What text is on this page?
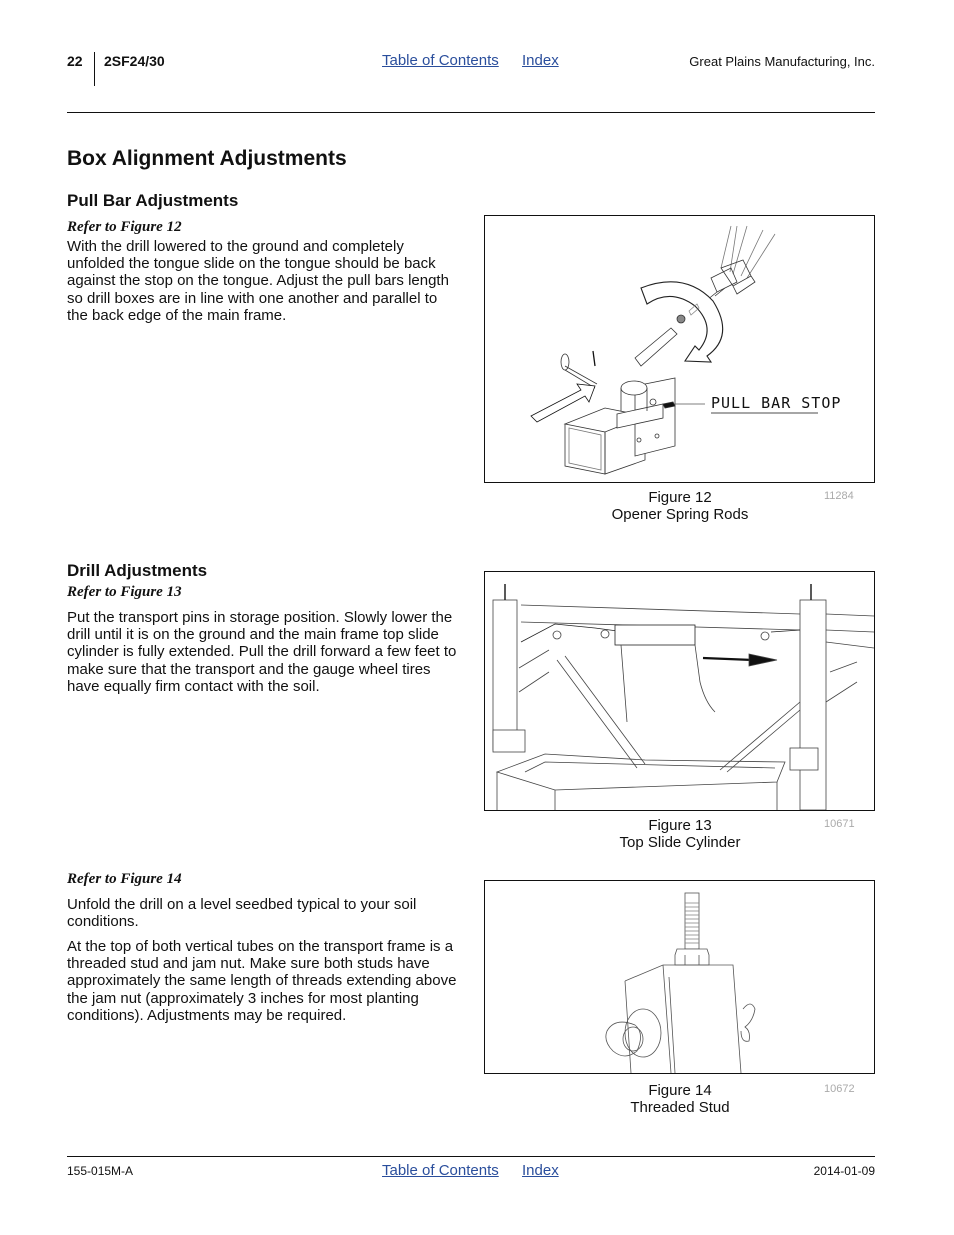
22 2SF24/30	Table of Contents Index	Great Plains Manufacturing, Inc.
Box Alignment Adjustments
Pull Bar Adjustments
Refer to Figure 12
With the drill lowered to the ground and completely unfolded the tongue slide on the tongue should be back against the stop on the tongue. Adjust the pull bars length so drill boxes are in line with one another and parallel to the back edge of the main frame.
PULL BAR STOP
Figure 12
Opener Spring Rods
11284
Drill Adjustments
Refer to Figure 13
Put the transport pins in storage position. Slowly lower the drill until it is on the ground and the main frame top slide cylinder is fully extended. Pull the drill forward a few feet to make sure that the transport and the gauge wheel tires have equally firm contact with the soil.
Figure 13
Top Slide Cylinder
10671
Refer to Figure 14
Unfold the drill on a level seedbed typical to your soil conditions.
At the top of both vertical tubes on the transport frame is a threaded stud and jam nut. Make sure both studs have approximately the same length of threads extending above the jam nut (approximately 3 inches for most planting conditions). Adjustments may be required.
Figure 14
Threaded Stud
10672
155-015M-A	Table of Contents Index	2014-01-09
